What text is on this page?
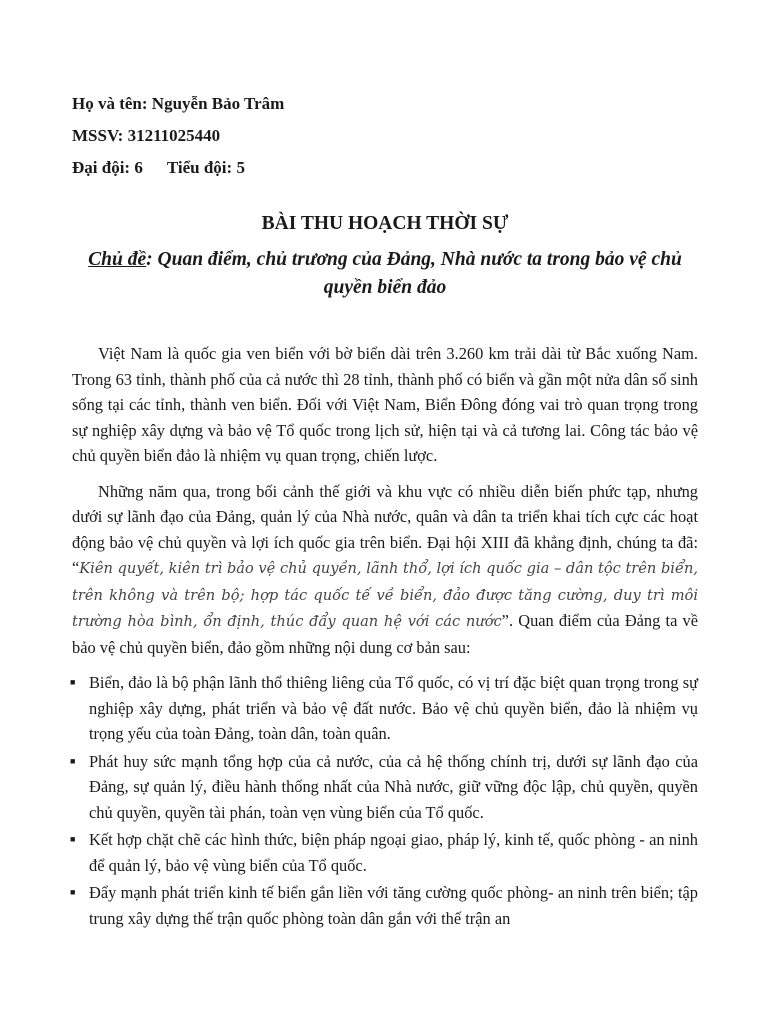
Họ và tên: Nguyễn Bảo Trâm
MSSV: 31211025440
Đại đội: 6 Tiểu đội: 5
BÀI THU HOẠCH THỜI SỰ
Chủ đề: Quan điểm, chủ trương của Đảng, Nhà nước ta trong bảo vệ chủ quyền biển đảo

Việt Nam là quốc gia ven biển với bờ biển dài trên 3.260 km trải dài từ Bắc xuống Nam. Trong 63 tỉnh, thành phố của cả nước thì 28 tỉnh, thành phố có biển và gần một nửa dân số sinh sống tại các tỉnh, thành ven biển. Đối với Việt Nam, Biển Đông đóng vai trò quan trọng trong sự nghiệp xây dựng và bảo vệ Tổ quốc trong lịch sử, hiện tại và cả tương lai. Công tác bảo vệ chủ quyền biển đảo là nhiệm vụ quan trọng, chiến lược.

Những năm qua, trong bối cảnh thế giới và khu vực có nhiều diễn biến phức tạp, nhưng dưới sự lãnh đạo của Đảng, quản lý của Nhà nước, quân và dân ta triển khai tích cực các hoạt động bảo vệ chủ quyền và lợi ích quốc gia trên biển. Đại hội XIII đã khẳng định, chúng ta đã: “Kiên quyết, kiên trì bảo vệ chủ quyền, lãnh thổ, lợi ích quốc gia – dân tộc trên biển, trên không và trên bộ; hợp tác quốc tế về biển, đảo được tăng cường, duy trì môi trường hòa bình, ổn định, thúc đẩy quan hệ với các nước”. Quan điểm của Đảng ta về bảo vệ chủ quyền biển, đảo gồm những nội dung cơ bản sau:

■ Biển, đảo là bộ phận lãnh thổ thiêng liêng của Tổ quốc, có vị trí đặc biệt quan trọng trong sự nghiệp xây dựng, phát triển và bảo vệ đất nước. Bảo vệ chủ quyền biển, đảo là nhiệm vụ trọng yếu của toàn Đảng, toàn dân, toàn quân.
■ Phát huy sức mạnh tổng hợp của cả nước, của cả hệ thống chính trị, dưới sự lãnh đạo của Đảng, sự quản lý, điều hành thống nhất của Nhà nước, giữ vững độc lập, chủ quyền, quyền chủ quyền, quyền tài phán, toàn vẹn vùng biển của Tổ quốc.
■ Kết hợp chặt chẽ các hình thức, biện pháp ngoại giao, pháp lý, kinh tế, quốc phòng - an ninh để quản lý, bảo vệ vùng biển của Tổ quốc.
■ Đẩy mạnh phát triển kinh tế biển gắn liền với tăng cường quốc phòng- an ninh trên biển; tập trung xây dựng thế trận quốc phòng toàn dân gắn với thế trận an
